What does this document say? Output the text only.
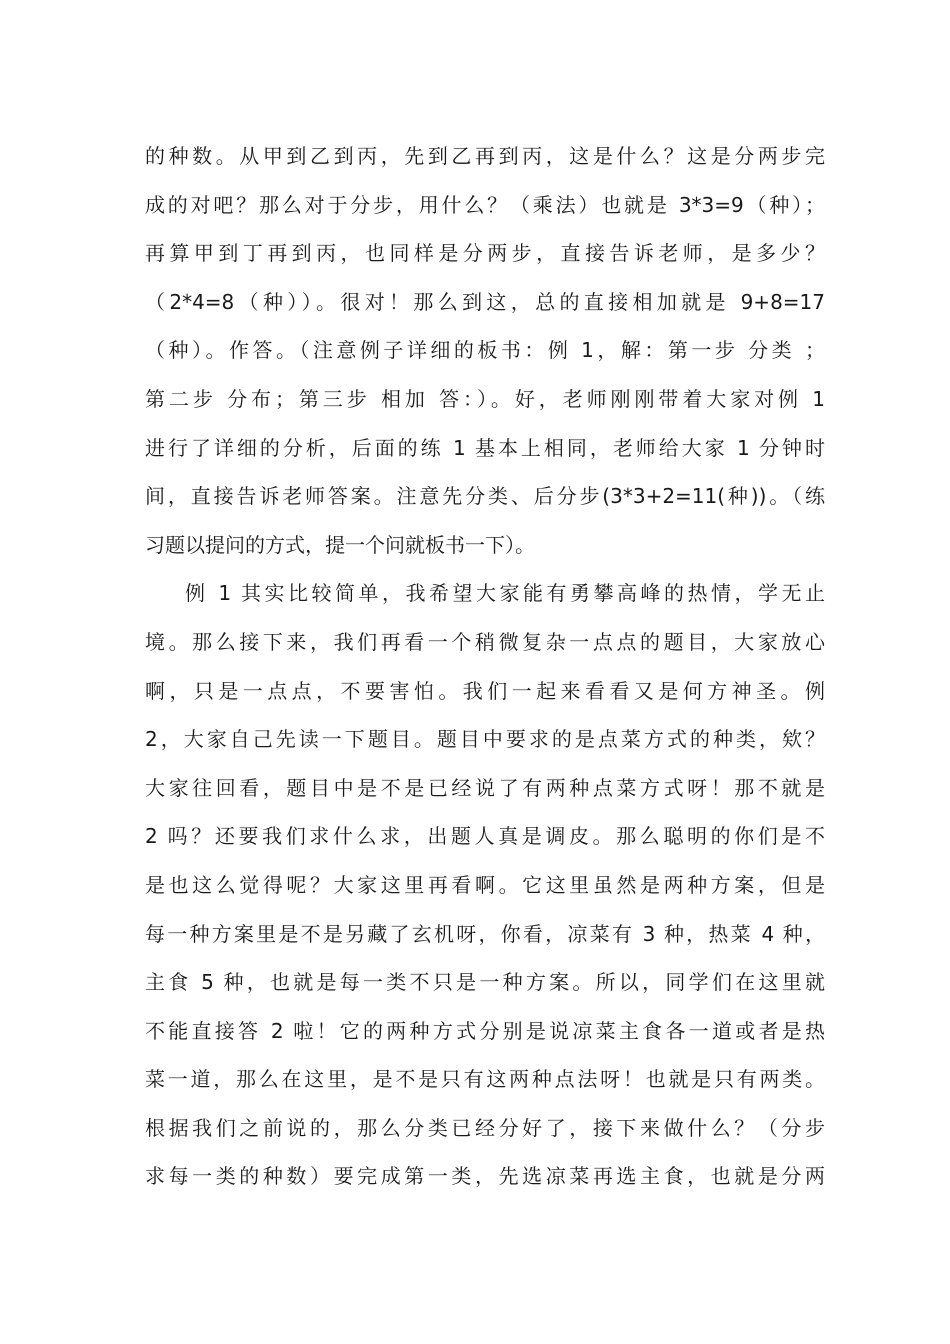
的种数。从甲到乙到丙，先到乙再到丙，这是什么？这是分两步完
成的对吧？那么对于分步，用什么？（乘法）也就是 3*3=9（种）；
再算甲到丁再到丙，也同样是分两步，直接告诉老师，是多少？
（2*4=8（种））。很对！那么到这，总的直接相加就是 9+8=17
（种）。作答。（注意例子详细的板书：例 1，解：第一步 分类 ；
第二步 分布；第三步 相加 答：）。好，老师刚刚带着大家对例 1
进行了详细的分析，后面的练 1 基本上相同，老师给大家 1 分钟时
间，直接告诉老师答案。注意先分类、后分步(3*3+2=11(种))。（练
习题以提问的方式，提一个问就板书一下）。
例 1 其实比较简单，我希望大家能有勇攀高峰的热情，学无止
境。那么接下来，我们再看一个稍微复杂一点点的题目，大家放心
啊，只是一点点，不要害怕。我们一起来看看又是何方神圣。例
2，大家自己先读一下题目。题目中要求的是点菜方式的种类，欸？
大家往回看，题目中是不是已经说了有两种点菜方式呀！那不就是
2 吗？还要我们求什么求，出题人真是调皮。那么聪明的你们是不
是也这么觉得呢？大家这里再看啊。它这里虽然是两种方案，但是
每一种方案里是不是另藏了玄机呀，你看，凉菜有 3 种，热菜 4 种，
主食 5 种，也就是每一类不只是一种方案。所以，同学们在这里就
不能直接答 2 啦！它的两种方式分别是说凉菜主食各一道或者是热
菜一道，那么在这里，是不是只有这两种点法呀！也就是只有两类。
根据我们之前说的，那么分类已经分好了，接下来做什么？（分步
求每一类的种数）要完成第一类，先选凉菜再选主食，也就是分两
